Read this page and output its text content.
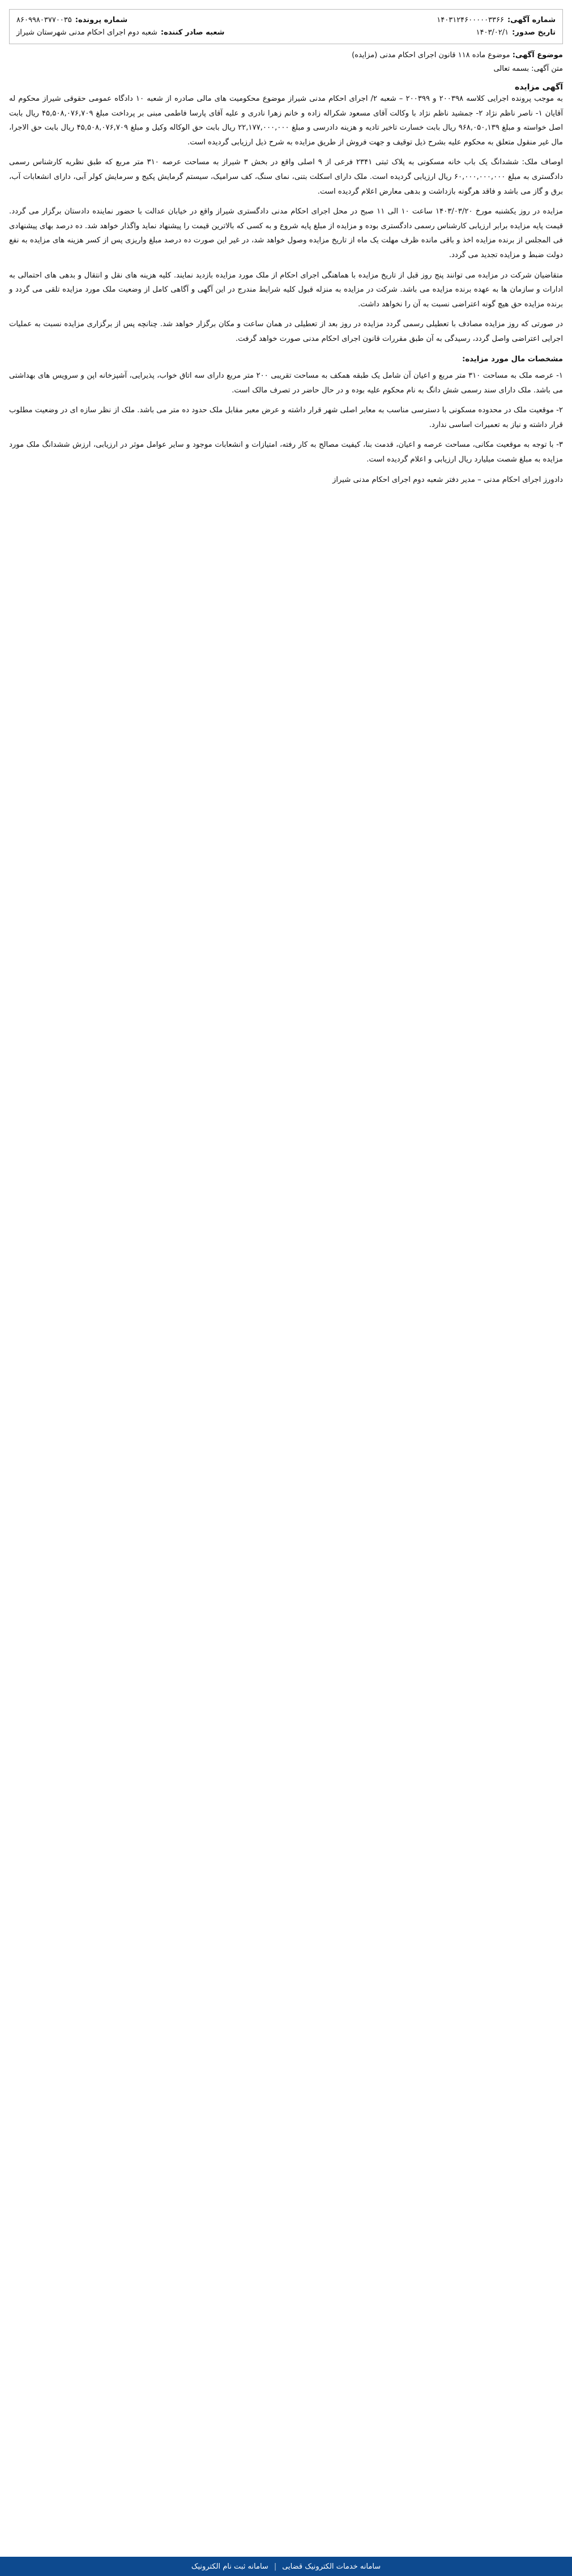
شماره آگهی:
۱۴۰۳۱۲۴۶۰۰۰۰۰۳۳۶۶
شماره پرونده:
۸۶۰۹۹۸۰۳۷۷۰۰۳۵
تاریخ صدور:
۱۴۰۳/۰۲/۱
شعبه صادر کننده:
شعبه دوم اجرای احکام مدنی شهرستان شیراز
موضوع آگهی: موضوع ماده ۱۱۸ قانون اجرای احکام مدنی (مزایده)
متن آگهی: بسمه تعالی
آگهی مزایده

به موجب پرونده اجرایی کلاسه ۲۰۰۳۹۸ و ۲۰۰۳۹۹ – شعبه ۲/ اجرای احکام مدنی شیراز موضوع محکومیت های مالی صادره از شعبه ۱۰ دادگاه عمومی حقوقی شیراز محکوم له آقایان ۱- ناصر ناظم نژاد ۲- جمشید ناظم نژاد با وکالت آقای مسعود شکراله زاده و خانم زهرا نادری و علیه آقای پارسا فاطمی مبنی بر پرداخت مبلغ ۴۵,۵۰۸,۰۷۶,۷۰۹ ریال بابت اصل خواسته و مبلغ ۹۶۸,۰۵۰,۱۳۹ ریال بابت خسارت تاخیر تادیه و هزینه دادرسی و مبلغ ۲۲,۱۷۷,۰۰۰,۰۰۰ ریال بابت حق الوکاله وکیل و مبلغ ۴۵,۵۰۸,۰۷۶,۷۰۹ ریال بابت حق الاجرا، مال غیر منقول متعلق به محکوم علیه بشرح ذیل توقیف و جهت فروش از طریق مزایده به شرح ذیل ارزیابی گردیده است.

اوصاف ملک: ششدانگ یک باب خانه مسکونی به پلاک ثبتی ۲۳۴۱ فرعی از ۹ اصلی واقع در بخش ۳ شیراز به مساحت عرصه ۳۱۰ متر مربع که طبق نظریه کارشناس رسمی دادگستری به مبلغ ۶۰,۰۰۰,۰۰۰,۰۰۰ ریال ارزیابی گردیده است. ملک دارای اسکلت بتنی، نمای سنگ، کف سرامیک، سیستم گرمایش پکیج و سرمایش کولر آبی، دارای انشعابات آب، برق و گاز می باشد و فاقد هرگونه بازداشت و بدهی معارض اعلام گردیده است.

مزایده در روز یکشنبه مورخ ۱۴۰۳/۰۳/۲۰ ساعت ۱۰ الی ۱۱ صبح در محل اجرای احکام مدنی دادگستری شیراز واقع در خیابان عدالت با حضور نماینده دادستان برگزار می گردد. قیمت پایه مزایده برابر ارزیابی کارشناس رسمی دادگستری بوده و مزایده از مبلغ پایه شروع و به کسی که بالاترین قیمت را پیشنهاد نماید واگذار خواهد شد. ده درصد بهای پیشنهادی فی المجلس از برنده مزایده اخذ و باقی مانده ظرف مهلت یک ماه از تاریخ مزایده وصول خواهد شد، در غیر این صورت ده درصد مبلغ واریزی پس از کسر هزینه های مزایده به نفع دولت ضبط و مزایده تجدید می گردد.

متقاضیان شرکت در مزایده می توانند پنج روز قبل از تاریخ مزایده با هماهنگی اجرای احکام از ملک مورد مزایده بازدید نمایند. کلیه هزینه های نقل و انتقال و بدهی های احتمالی به ادارات و سازمان ها به عهده برنده مزایده می باشد. شرکت در مزایده به منزله قبول کلیه شرایط مندرج در این آگهی و آگاهی کامل از وضعیت ملک مورد مزایده تلقی می گردد و برنده مزایده حق هیچ گونه اعتراضی نسبت به آن را نخواهد داشت.

در صورتی که روز مزایده مصادف با تعطیلی رسمی گردد مزایده در روز بعد از تعطیلی در همان ساعت و مکان برگزار خواهد شد. چنانچه پس از برگزاری مزایده نسبت به عملیات اجرایی اعتراضی واصل گردد، رسیدگی به آن طبق مقررات قانون اجرای احکام مدنی صورت خواهد گرفت.

مشخصات مال مورد مزایده:

۱- عرصه ملک به مساحت ۳۱۰ متر مربع و اعیان آن شامل یک طبقه همکف به مساحت تقریبی ۲۰۰ متر مربع دارای سه اتاق خواب، پذیرایی، آشپزخانه اپن و سرویس های بهداشتی می باشد. ملک دارای سند رسمی شش دانگ به نام محکوم علیه بوده و در حال حاضر در تصرف مالک است.

۲- موقعیت ملک در محدوده مسکونی با دسترسی مناسب به معابر اصلی شهر قرار داشته و عرض معبر مقابل ملک حدود ده متر می باشد. ملک از نظر سازه ای در وضعیت مطلوب قرار داشته و نیاز به تعمیرات اساسی ندارد.

۳- با توجه به موقعیت مکانی، مساحت عرصه و اعیان، قدمت بنا، کیفیت مصالح به کار رفته، امتیازات و انشعابات موجود و سایر عوامل موثر در ارزیابی، ارزش ششدانگ ملک مورد مزایده به مبلغ شصت میلیارد ریال ارزیابی و اعلام گردیده است.

دادورز اجرای احکام مدنی – مدیر دفتر شعبه دوم اجرای احکام مدنی شیراز

سامانه خدمات الکترونیک قضایی
|
سامانه ثبت نام الکترونیک
